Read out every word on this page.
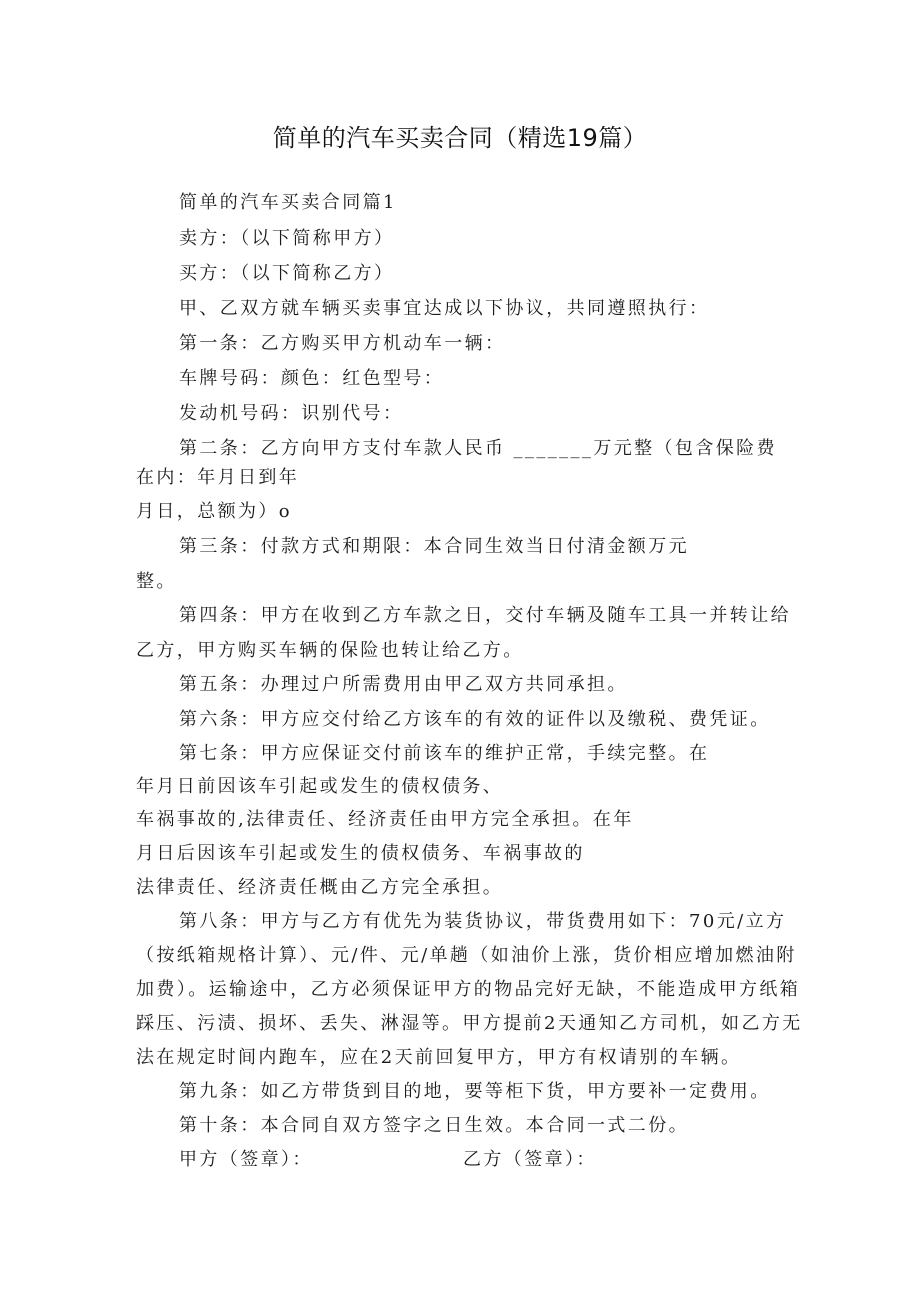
简单的汽车买卖合同（精选19篇）
简单的汽车买卖合同篇1
卖方：（以下简称甲方）
买方：（以下简称乙方）
甲、乙双方就车辆买卖事宜达成以下协议，共同遵照执行：
第一条：乙方购买甲方机动车一辆：
车牌号码：颜色：红色型号：
发动机号码：识别代号：
第二条：乙方向甲方支付车款人民币 _______万元整（包含保险费
在内：年月日到年
月日，总额为）o
第三条：付款方式和期限：本合同生效当日付清金额万元
整。
第四条：甲方在收到乙方车款之日，交付车辆及随车工具一并转让给
乙方，甲方购买车辆的保险也转让给乙方。
第五条：办理过户所需费用由甲乙双方共同承担。
第六条：甲方应交付给乙方该车的有效的证件以及缴税、费凭证。
第七条：甲方应保证交付前该车的维护正常，手续完整。在
年月日前因该车引起或发生的债权债务、
车祸事故的,法律责任、经济责任由甲方完全承担。在年
月日后因该车引起或发生的债权债务、车祸事故的
法律责任、经济责任概由乙方完全承担。
第八条：甲方与乙方有优先为装货协议，带货费用如下：70元/立方
（按纸箱规格计算）、元/件、元/单趟（如油价上涨，货价相应增加燃油附
加费）。运输途中，乙方必须保证甲方的物品完好无缺，不能造成甲方纸箱
踩压、污渍、损坏、丢失、淋湿等。甲方提前2天通知乙方司机，如乙方无
法在规定时间内跑车，应在2天前回复甲方，甲方有权请别的车辆。
第九条：如乙方带货到目的地，要等柜下货，甲方要补一定费用。
第十条：本合同自双方签字之日生效。本合同一式二份。
甲方（签章）：	乙方（签章）：
